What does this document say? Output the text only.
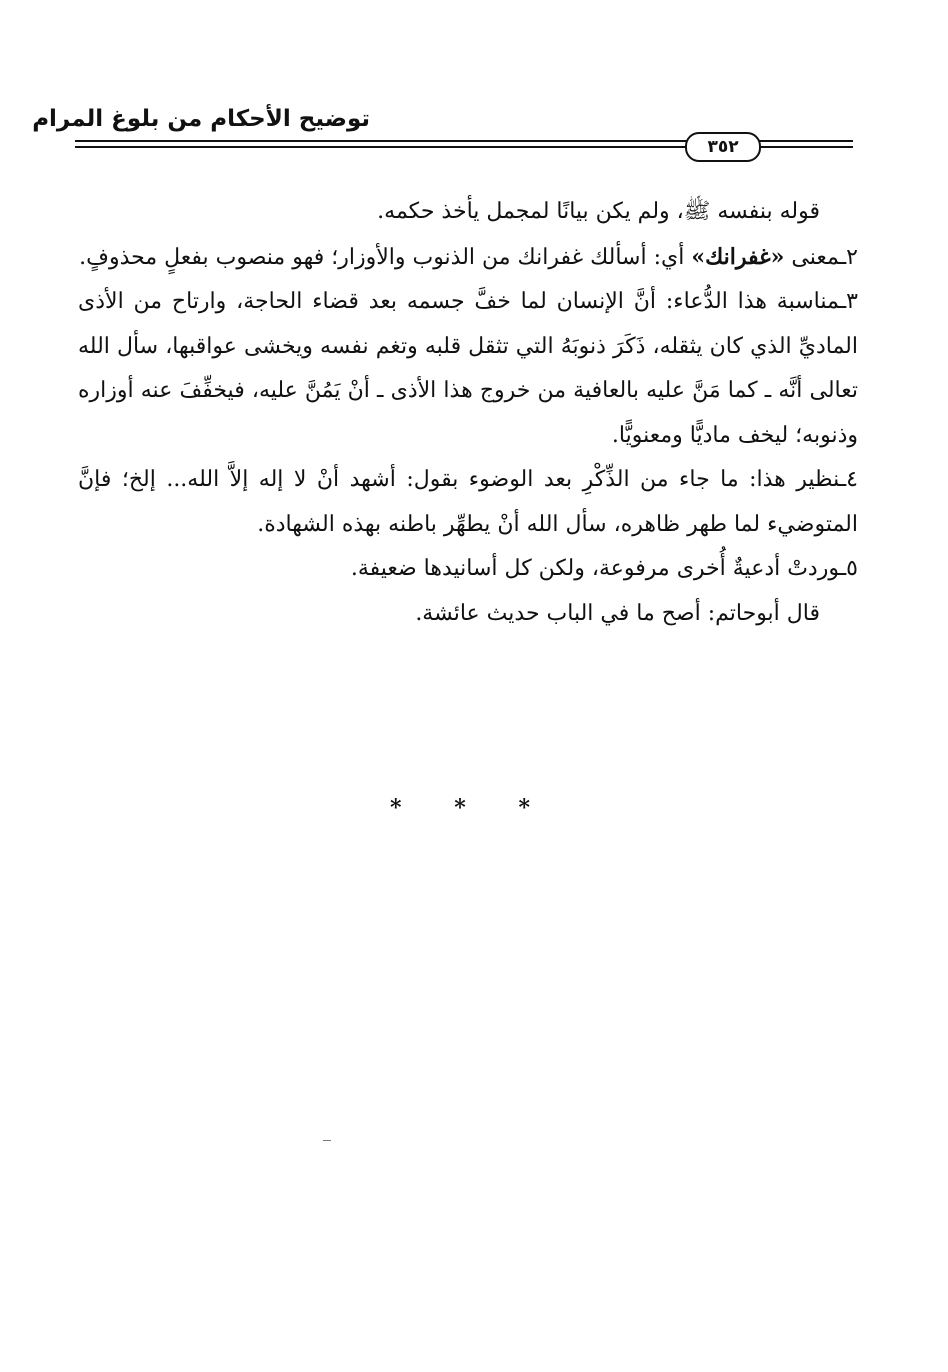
توضيح الأحكام من بلوغ المرام
٣٥٢

قوله بنفسه ﷺ، ولم يكن بيانًا لمجمل يأخذ حكمه.

٢ـمعنى «غفرانك» أي: أسألك غفرانك من الذنوب والأوزار؛ فهو منصوب بفعلٍ محذوفٍ.

٣ـمناسبة هذا الدُّعاء: أنَّ الإنسان لما خفَّ جسمه بعد قضاء الحاجة، وارتاح من الأذى الماديِّ الذي كان يثقله، ذَكَرَ ذنوبَهُ التي تثقل قلبه وتغم نفسه ويخشى عواقبها، سأل الله تعالى أنَّه ـ كما مَنَّ عليه بالعافية من خروج هذا الأذى ـ أنْ يَمُنَّ عليه، فيخفِّفَ عنه أوزاره وذنوبه؛ ليخف ماديًّا ومعنويًّا.

٤ـنظير هذا: ما جاء من الذِّكْرِ بعد الوضوء بقول: أشهد أنْ لا إله إلاَّ الله... إلخ؛ فإنَّ المتوضيء لما طهر ظاهره، سأل الله أنْ يطهِّر باطنه بهذه الشهادة.

٥ـوردتْ أدعيةٌ أُخرى مرفوعة، ولكن كل أسانيدها ضعيفة.

قال أبوحاتم: أصح ما في الباب حديث عائشة.

* * *
